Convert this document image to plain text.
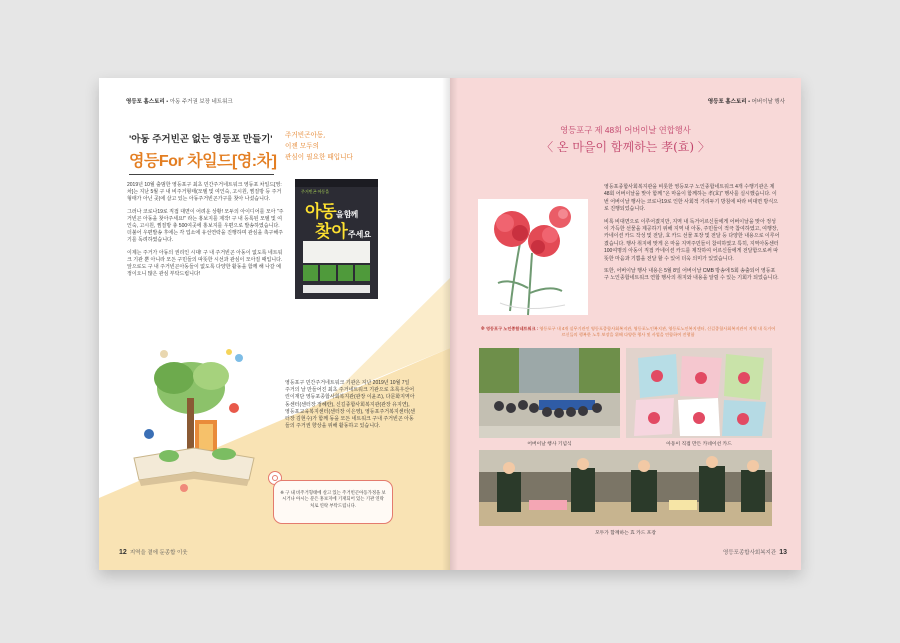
영등포 홈스토리 • 아동 주거권 보장 네트워크
'아동 주거빈곤 없는 영등포 만들기'
영등For 차일드[영:차]
주거빈곤아동,
이젠 모두의
관심이 필요한 때입니다

2019년 10월 출범한 영등포구 최초 민간주거네트워크 영등포 차일드[영:차]는 지난 5월 구 내 비주거형태(모텔 및 여인숙, 고시원, 찜질방 등 주거형태가 아닌 곳)에 살고 있는 아동주거빈곤가구를 찾아 나섰습니다.

그러나 코로나19로 직접 대면이 어려운 상황! 모두의 아이디어를 모아 "주거빈곤 아동을 찾아주세요!" 라는 홍보지를 제작! 구 내 등록된 모텔 및 여인숙, 고시원, 찜질방 총 500여곳에 홍보지를 우편으로 발송하였습니다. 더불어 우편발송 후에는 각 업소에 유선연락을 진행하며 관심을 촉구해주기를 독려하였습니다.

이제는 주거가 아동의 권리인 시대! 구 내 주거빈곤 아동이 없도록 네트워크 기관 뿐 아니라 모든 구민들의 따뜻한 시선과 관심이 모아질 때입니다. 앞으로도 구 내 주거빈곤아동들이 없도록 다양한 활동을 함께 해 나갈 예정이오니 많은 관심 부탁드립니다!

주거빈곤 아동을
아동을 함께
찾아주세요
영등포구 민간주거네트워크 기관은 지난 2019년 10월 7일 주거의 날 만들어진 최초 주거네트워크 기관으로 초록우산어린이재단 영등포종합사회복지관(관장 이윤조), 다문화지역아동센터(센터장 정혜란), 신길종합사회복지관(관장 유지연), 영등포교육복지센터(센터장 이은영), 영등포주거복지센터(센터장 김현수)가 함께 동을 모든 네트워크 구내 주거빈곤 아동들의 주거권 향상을 위해 활동하고 있습니다.
※ 구 내 비주거형태에 살고 있는 주거빈곤아동가정을 보시거나 아시는 분은 홍보지에 기재되어 있는 기관 연락처로 연락 부탁드립니다.
12 지역을 곁에 둔종합 이웃
영등포 홈스토리 • 어버이날 행사
영등포구 제 48회 어버이날 연합행사
〈 온 마을이 함께하는 孝(효) 〉

영등포종합사회복지관을 비롯한 영등포구 노인종합네트워크 4개 수행기관은 제 48회 어버이날을 맞아 함께 "온 마을이 함께하는 孝(효)" 행사를 실시했습니다. 이번 어버이날 행사는 코로나19로 인한 사회적 거리두기 방침에 따라 비대면 방식으로 진행되었습니다.

비록 비대면으로 이루어졌지만, 지역 내 독거어르신들에게 어버이날을 맞아 정성이 가득한 선물을 제공하기 위해 지역 내 아동, 주민들이 적극 참여하였고, 여행장, 카네이션 카드 작성 및 전달, 효 카드 선물 포장 및 전달 등 다양한 내용으로 이루어졌습니다. 행사 취지에 맞게 온 마을 지역주민들이 참여하였고 특히, 지역아동센터 100여명의 아동이 직접 카네이션 카드를 제작하여 어르신들에게 전달함으로써 따뜻한 마음과 기쁨을 전달 할 수 있어 더욱 의미가 있었습니다.

또한, 어버이날 행사 내용은 5월 8일 어버이날 CMB 방송에 5회 송출되어 영등포구 노인종합네트워크 연합 행사의 취지와 내용을 알릴 수 있는 기회가 되었습니다.

※ 영등포구 노인종합네트워크 : 영등포구 내 4개 실무기관인 영등포종합사회복지관, 영등포노인복지관, 영등포노인복지센터, 신길종합사회복지관이 지역 내 독거어르신들의 행복한 노후 보장을 위해 다양한 행사 및 사업을 연합하여 진행함
어버이날 행사 기념식	아동이 직접 만든 카네이션 카드
모두가 함께하는 효 카드 포장
영등포종합사회복지관 13
